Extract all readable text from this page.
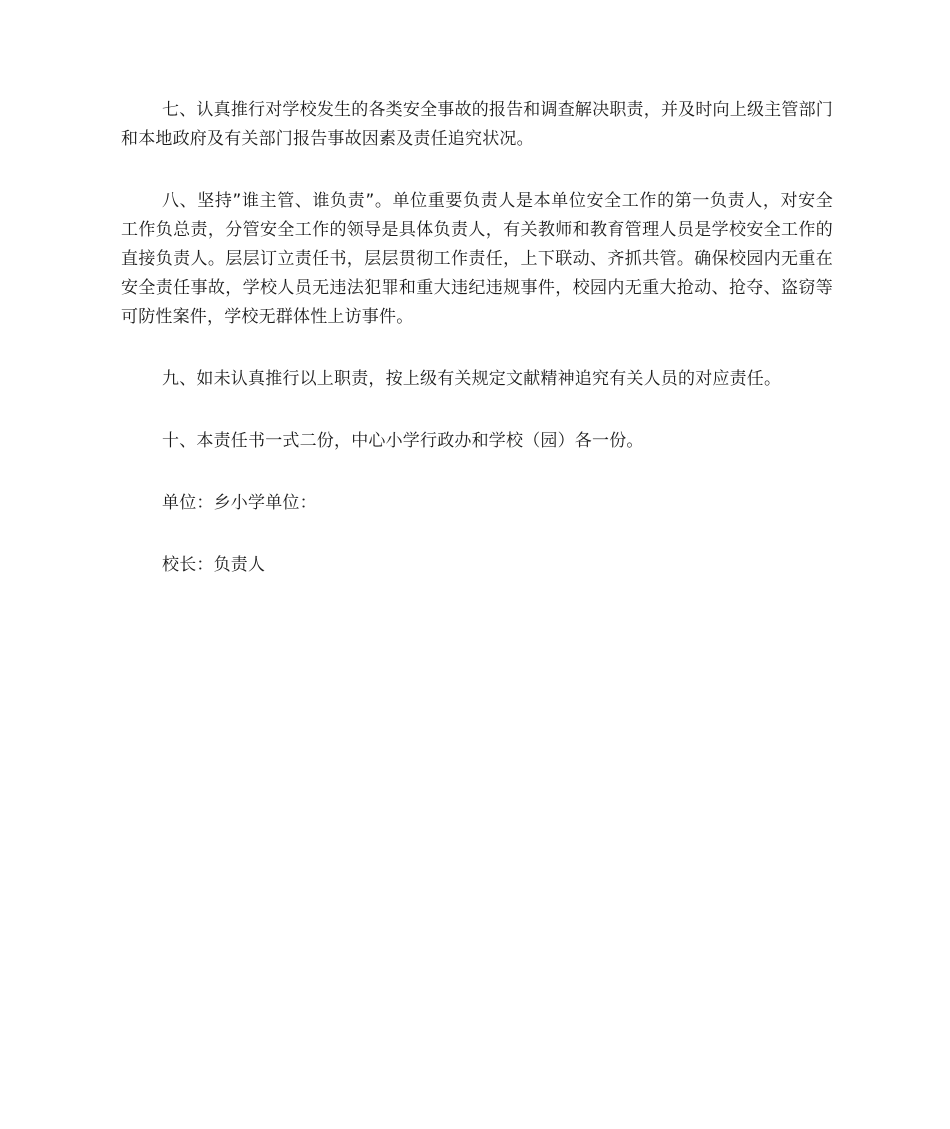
七、认真推行对学校发生的各类安全事故的报告和调查解决职责，并及时向上级主管部门和本地政府及有关部门报告事故因素及责任追究状况。

八、坚持”谁主管、谁负责”。单位重要负责人是本单位安全工作的第一负责人，对安全工作负总责，分管安全工作的领导是具体负责人，有关教师和教育管理人员是学校安全工作的直接负责人。层层订立责任书，层层贯彻工作责任，上下联动、齐抓共管。确保校园内无重在安全责任事故，学校人员无违法犯罪和重大违纪违规事件，校园内无重大抢动、抢夺、盗窃等可防性案件，学校无群体性上访事件。

九、如未认真推行以上职责，按上级有关规定文献精神追究有关人员的对应责任。

十、本责任书一式二份，中心小学行政办和学校（园）各一份。

单位：乡小学单位：

校长：负责人
